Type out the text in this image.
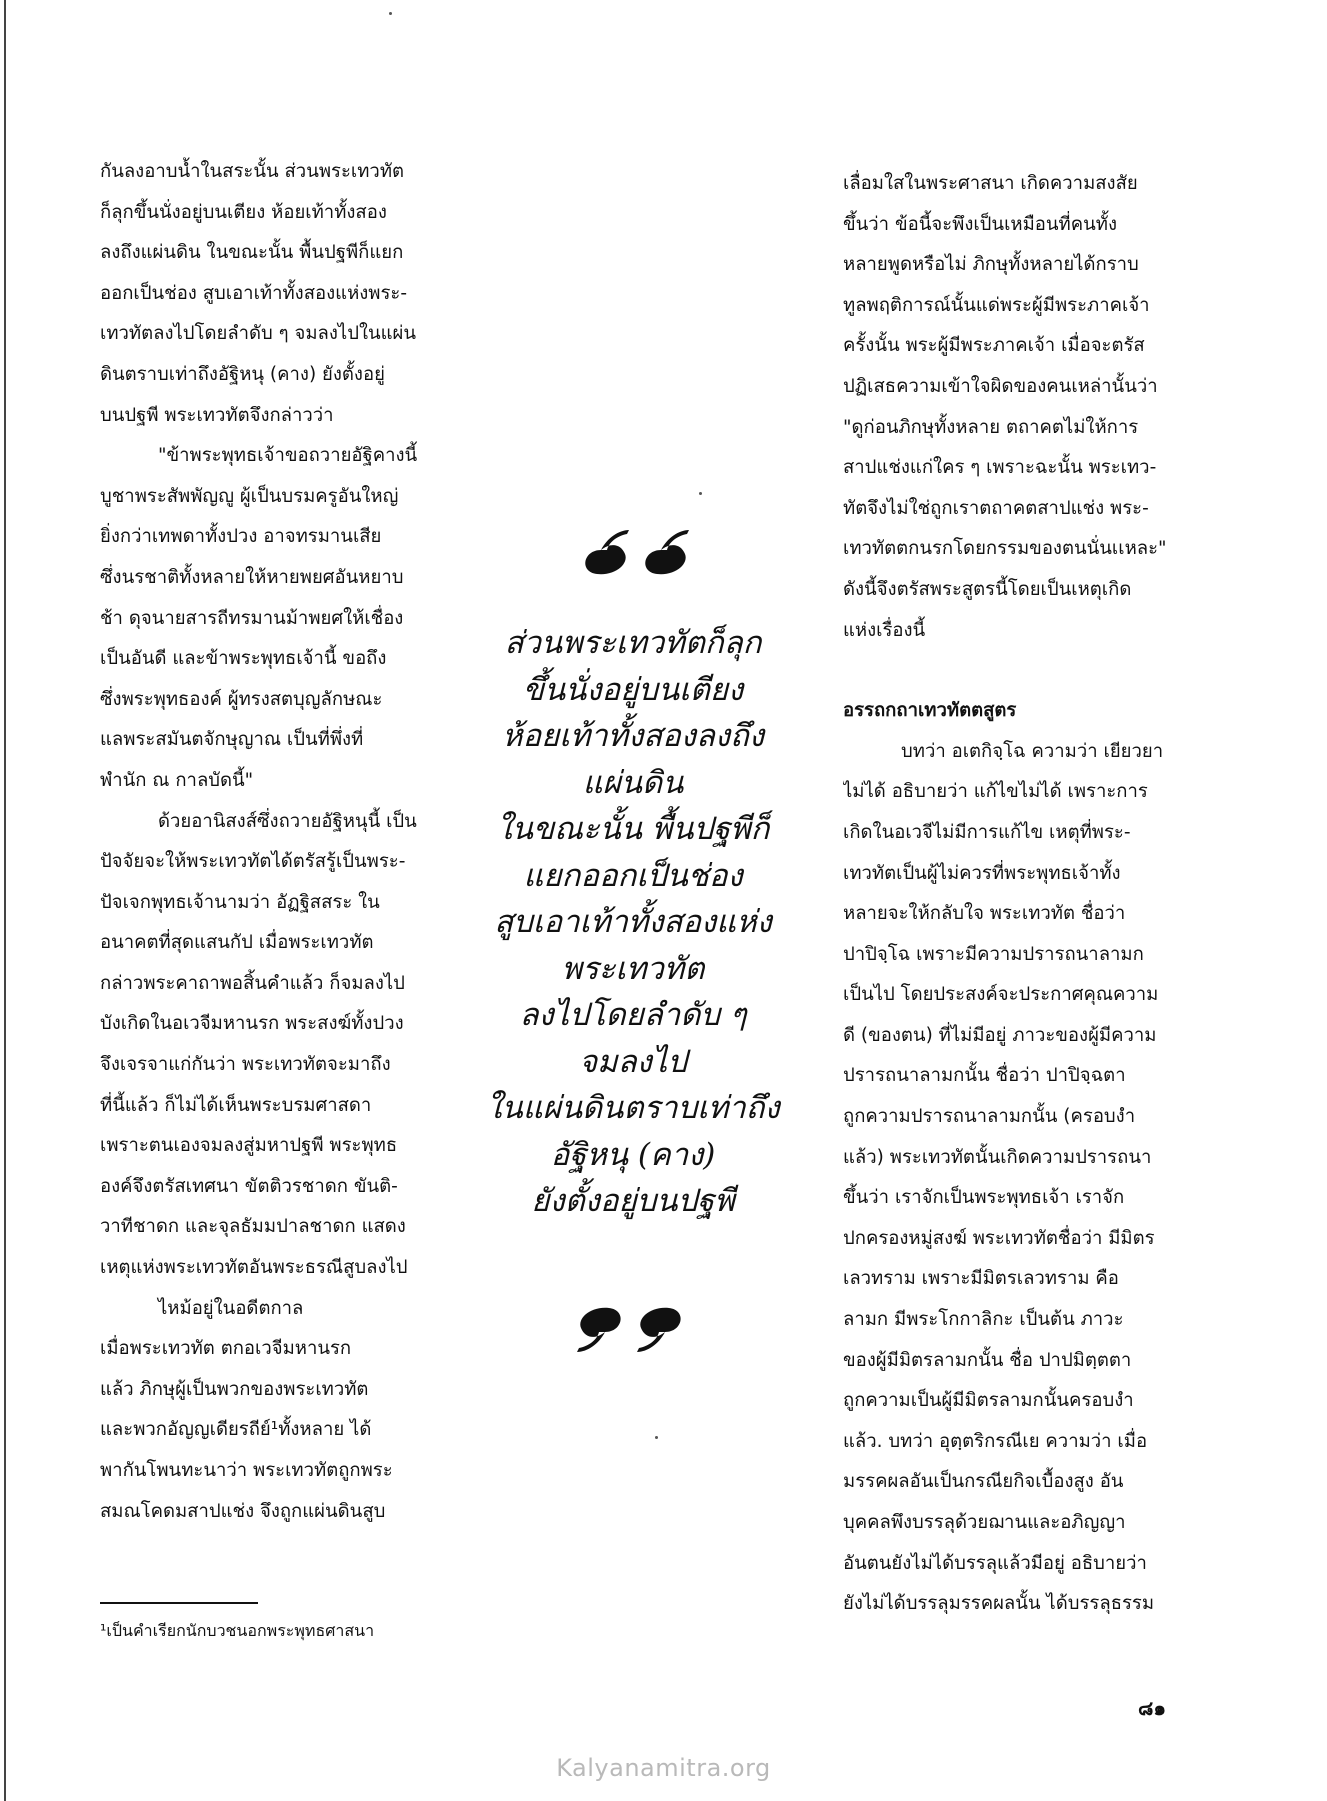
กันลงอาบน้ำในสระนั้น ส่วนพระเทวทัต
ก็ลุกขึ้นนั่งอยู่บนเตียง ห้อยเท้าทั้งสอง
ลงถึงแผ่นดิน ในขณะนั้น พื้นปฐพีก็แยก
ออกเป็นช่อง สูบเอาเท้าทั้งสองแห่งพระ-
เทวทัตลงไปโดยลำดับ ๆ จมลงไปในแผ่น
ดินตราบเท่าถึงอัฐิหนุ (คาง) ยังตั้งอยู่
บนปฐพี พระเทวทัตจึงกล่าวว่า
"ข้าพระพุทธเจ้าขอถวายอัฐิคางนี้
บูชาพระสัพพัญญู ผู้เป็นบรมครูอันใหญ่
ยิ่งกว่าเทพดาทั้งปวง อาจทรมานเสีย
ซึ่งนรชาติทั้งหลายให้หายพยศอันหยาบ
ช้า ดุจนายสารถีทรมานม้าพยศให้เชื่อง
เป็นอันดี และข้าพระพุทธเจ้านี้ ขอถึง
ซึ่งพระพุทธองค์ ผู้ทรงสตบุญลักษณะ
แลพระสมันตจักษุญาณ เป็นที่พึ่งที่
พำนัก ณ กาลบัดนี้"
ด้วยอานิสงส์ซึ่งถวายอัฐิหนุนี้ เป็น
ปัจจัยจะให้พระเทวทัตได้ตรัสรู้เป็นพระ-
ปัจเจกพุทธเจ้านามว่า อัฏฐิสสระ ใน
อนาคตที่สุดแสนกัป เมื่อพระเทวทัต
กล่าวพระคาถาพอสิ้นคำแล้ว ก็จมลงไป
บังเกิดในอเวจีมหานรก พระสงฆ์ทั้งปวง
จึงเจรจาแก่กันว่า พระเทวทัตจะมาถึง
ที่นี้แล้ว ก็ไม่ได้เห็นพระบรมศาสดา
เพราะตนเองจมลงสู่มหาปฐพี พระพุทธ
องค์จึงตรัสเทศนา ขัตติวรชาดก ขันติ-
วาทีชาดก และจุลธัมมปาลชาดก แสดง
เหตุแห่งพระเทวทัตอันพระธรณีสูบลงไป
ไหม้อยู่ในอดีตกาล
เมื่อพระเทวทัต ตกอเวจีมหานรก
แล้ว ภิกษุผู้เป็นพวกของพระเทวทัต
และพวกอัญญเดียรถีย์¹ทั้งหลาย ได้
พากันโพนทะนาว่า พระเทวทัตถูกพระ
สมณโคดมสาปแช่ง จึงถูกแผ่นดินสูบ
¹เป็นคำเรียกนักบวชนอกพระพุทธศาสนา
ส่วนพระเทวทัตก็ลุก
ขึ้นนั่งอยู่บนเตียง
ห้อยเท้าทั้งสองลงถึง
แผ่นดิน
ในขณะนั้น พื้นปฐพีก็
แยกออกเป็นช่อง
สูบเอาเท้าทั้งสองแห่ง
พระเทวทัต
ลงไปโดยลำดับ ๆ
จมลงไป
ในแผ่นดินตราบเท่าถึง
อัฐิหนุ (คาง)
ยังตั้งอยู่บนปฐพี
เลื่อมใสในพระศาสนา เกิดความสงสัย
ขึ้นว่า ข้อนี้จะพึงเป็นเหมือนที่คนทั้ง
หลายพูดหรือไม่ ภิกษุทั้งหลายได้กราบ
ทูลพฤติการณ์นั้นแด่พระผู้มีพระภาคเจ้า
ครั้งนั้น พระผู้มีพระภาคเจ้า เมื่อจะตรัส
ปฏิเสธความเข้าใจผิดของคนเหล่านั้นว่า
"ดูก่อนภิกษุทั้งหลาย ตถาคตไม่ให้การ
สาปแช่งแก่ใคร ๆ เพราะฉะนั้น พระเทว-
ทัตจึงไม่ใช่ถูกเราตถาคตสาปแช่ง พระ-
เทวทัตตกนรกโดยกรรมของตนนั่นเเหละ"
ดังนี้จึงตรัสพระสูตรนี้โดยเป็นเหตุเกิด
แห่งเรื่องนี้
อรรถกถาเทวทัตตสูตร
บทว่า อเตกิจฺโฉ ความว่า เยียวยา
ไม่ได้ อธิบายว่า แก้ไขไม่ได้ เพราะการ
เกิดในอเวจีไม่มีการแก้ไข เหตุที่พระ-
เทวทัตเป็นผู้ไม่ควรที่พระพุทธเจ้าทั้ง
หลายจะให้กลับใจ พระเทวทัต ชื่อว่า
ปาปิจฺโฉ เพราะมีความปรารถนาลามก
เป็นไป โดยประสงค์จะประกาศคุณความ
ดี (ของตน) ที่ไม่มีอยู่ ภาวะของผู้มีความ
ปรารถนาลามกนั้น ชื่อว่า ปาปิจฺฉตา
ถูกความปรารถนาลามกนั้น (ครอบงำ
แล้ว) พระเทวทัตนั้นเกิดความปรารถนา
ขึ้นว่า เราจักเป็นพระพุทธเจ้า เราจัก
ปกครองหมู่สงฆ์ พระเทวทัตชื่อว่า มีมิตร
เลวทราม เพราะมีมิตรเลวทราม คือ
ลามก มีพระโกกาลิกะ เป็นต้น ภาวะ
ของผู้มีมิตรลามกนั้น ชื่อ ปาปมิตฺตตา
ถูกความเป็นผู้มีมิตรลามกนั้นครอบงำ
แล้ว. บทว่า อุตฺตริกรณีเย ความว่า เมื่อ
มรรคผลอันเป็นกรณียกิจเบื้องสูง อัน
บุคคลพึงบรรลุด้วยฌานและอภิญญา
อันตนยังไม่ได้บรรลุแล้วมีอยู่ อธิบายว่า
ยังไม่ได้บรรลุมรรคผลนั้น ได้บรรลุธรรม
๘๑
Kalyanamitra.org
